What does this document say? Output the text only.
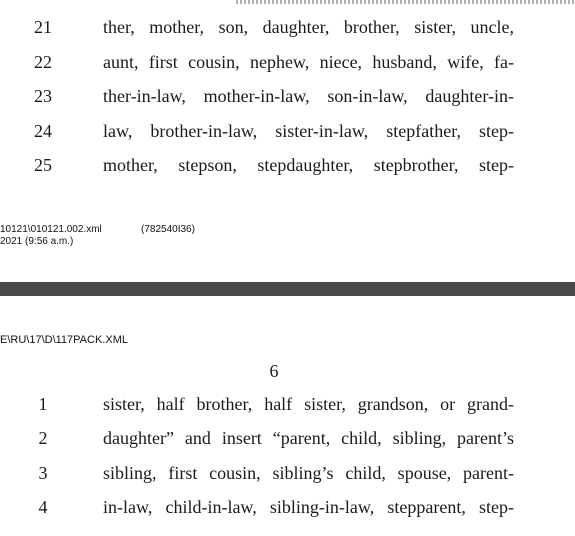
21	ther, mother, son, daughter, brother, sister, uncle,
22	aunt, first cousin, nephew, niece, husband, wife, fa-
23	ther-in-law, mother-in-law, son-in-law, daughter-in-
24	law, brother-in-law, sister-in-law, stepfather, step-
25	mother, stepson, stepdaughter, stepbrother, step-
10121\010121.002.xml	(782540I36)
2021 (9:56 a.m.)
E\RU\17\D\117PACK.XML
6
1	sister, half brother, half sister, grandson, or grand-
2	daughter” and insert “parent, child, sibling, parent’s
3	sibling, first cousin, sibling’s child, spouse, parent-
4	in-law, child-in-law, sibling-in-law, stepparent, step-
